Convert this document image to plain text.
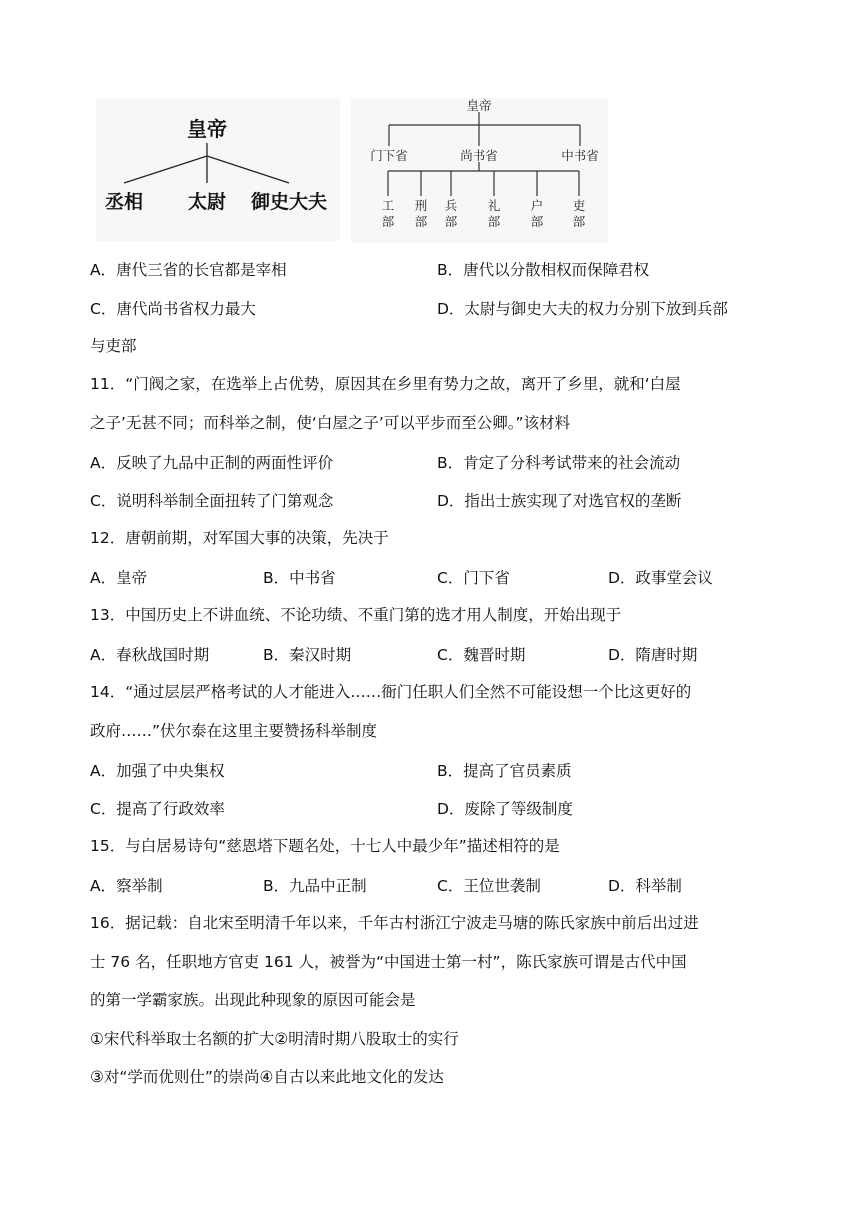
皇帝
丞相 太尉 御史大夫
皇帝
门下省	尚书省	中书省
工
部
刑
部
兵
部
礼
部
户
部
吏
部
A．唐代三省的长官都是宰相	B．唐代以分散相权而保障君权
C．唐代尚书省权力最大	D．太尉与御史大夫的权力分别下放到兵部
与吏部
11．“门阀之家，在选举上占优势，原因其在乡里有势力之故，离开了乡里，就和‘白屋
之子’无甚不同；而科举之制，使‘白屋之子’可以平步而至公卿。”该材料
A．反映了九品中正制的两面性评价	B．肯定了分科考试带来的社会流动
C．说明科举制全面扭转了门第观念	D．指出士族实现了对选官权的垄断
12．唐朝前期，对军国大事的决策，先决于
A．皇帝	B．中书省	C．门下省	D．政事堂会议
13．中国历史上不讲血统、不论功绩、不重门第的选才用人制度，开始出现于
A．春秋战国时期	B．秦汉时期	C．魏晋时期	D．隋唐时期
14．“通过层层严格考试的人才能进入……衙门任职人们全然不可能设想一个比这更好的
政府……”伏尔泰在这里主要赞扬科举制度
A．加强了中央集权	B．提高了官员素质
C．提高了行政效率	D．废除了等级制度
15．与白居易诗句“慈恩塔下题名处，十七人中最少年”描述相符的是
A．察举制	B．九品中正制	C．王位世袭制	D．科举制
16．据记载：自北宋至明清千年以来，千年古村浙江宁波走马塘的陈氏家族中前后出过进
士 76 名，任职地方官吏 161 人，被誉为“中国进士第一村”，陈氏家族可谓是古代中国
的第一学霸家族。出现此种现象的原因可能会是
①宋代科举取士名额的扩大②明清时期八股取士的实行
③对“学而优则仕”的崇尚④自古以来此地文化的发达
